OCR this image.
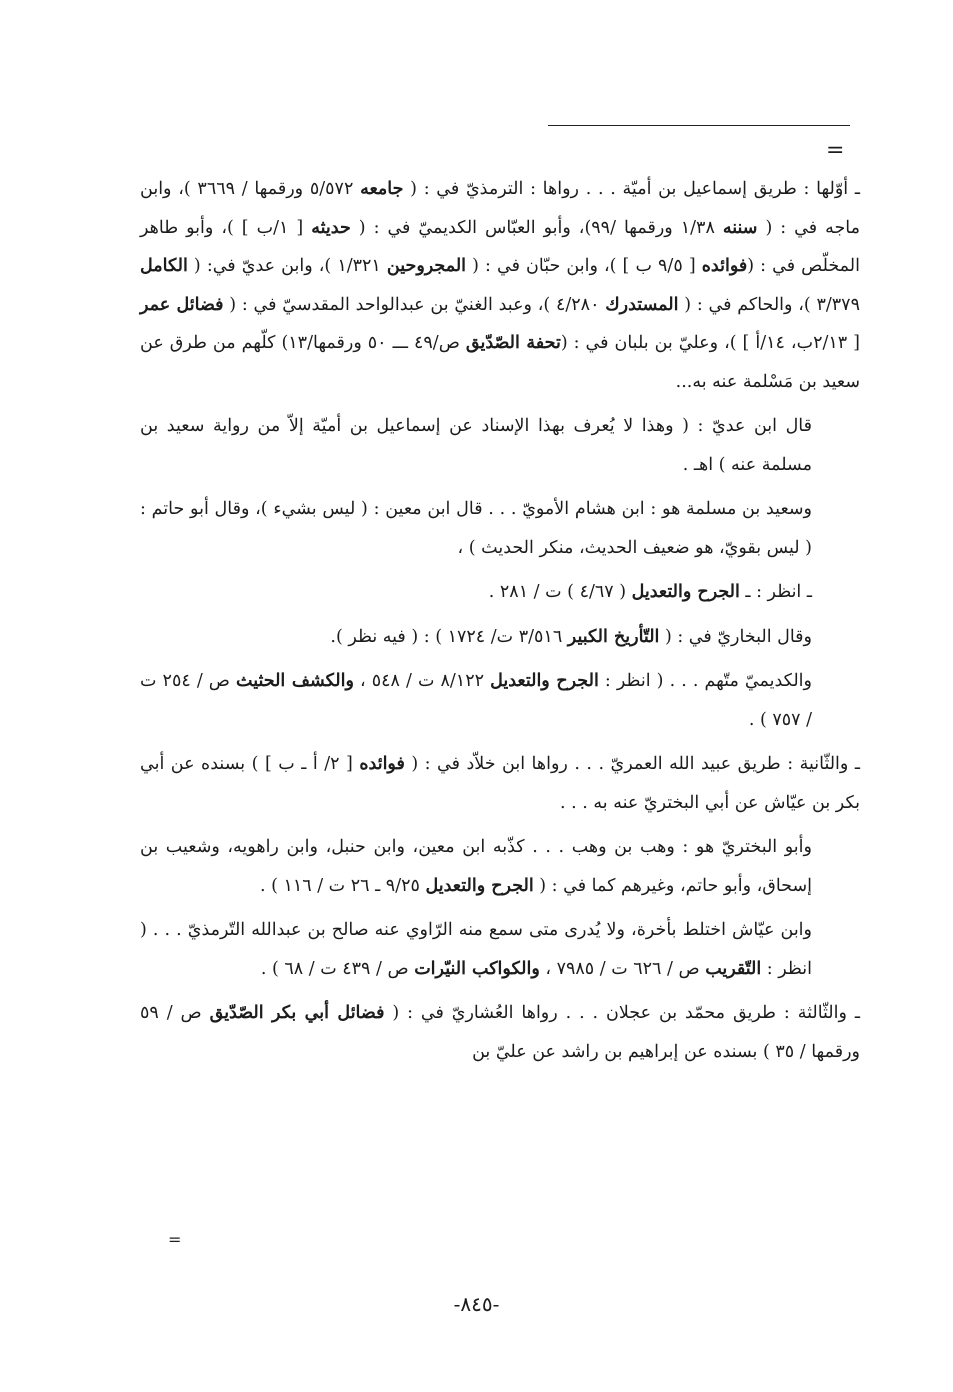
=

ـ أوّلها : طريق إسماعيل بن أميّة . . . رواها : الترمذيّ في : ( جامعه ٥/٥٧٢ ورقمها / ٣٦٦٩ )، وابن ماجه في : ( سننه ١/٣٨ ورقمها /٩٩)، وأبو العبّاس الكديميّ في : ( حديثه [ ١/ب ] )، وأبو طاهر المخلّص في : (فوائده [ ٩/٥ ب ] )، وابن حبّان في : ( المجروحين ١/٣٢١ )، وابن عديّ في: ( الكامل ٣/٣٧٩ )، والحاكم في : ( المستدرك ٤/٢٨٠ )، وعبد الغنيّ بن عبدالواحد المقدسيّ في : ( فضائل عمر [ ٢/١٣ب، ١٤/أ ] )، وعليّ بن بلبان في : (تحفة الصّدّيق ص/٤٩ ـــ ٥٠ ورقمها/١٣) كلّهم من طرق عن سعيد بن مَسْلمة عنه به...

قال ابن عديّ : ( وهذا لا يُعرف بهذا الإسناد عن إسماعيل بن أميّة إلاّ من رواية سعيد بن مسلمة عنه ) اهـ .

وسعيد بن مسلمة هو : ابن هشام الأمويّ . . . قال ابن معين : ( ليس بشيء )، وقال أبو حاتم : ( ليس بقويّ، هو ضعيف الحديث، منكر الحديث ) ،

ـ انظر : ـ الجرح والتعديل ( ٤/٦٧ ) ت / ٢٨١ .

وقال البخاريّ في : ( التّأريخ الكبير ٣/٥١٦ ت/ ١٧٢٤ ) : ( فيه نظر ).

والكديميّ متّهم . . . ( انظر : الجرح والتعديل ٨/١٢٢ ت / ٥٤٨ ، والكشف الحثيث ص / ٢٥٤ ت / ٧٥٧ ) .

ـ والثّانية : طريق عبيد الله العمريّ . . . رواها ابن خلاّد في : ( فوائده [ ٢/ أ ـ ب ] ) بسنده عن أبي بكر بن عيّاش عن أبي البختريّ عنه به . . .

وأبو البختريّ هو : وهب بن وهب . . . كذّبه ابن معين، وابن حنبل، وابن راهويه، وشعيب بن إسحاق، وأبو حاتم، وغيرهم كما في : ( الجرح والتعديل ٩/٢٥ ـ ٢٦ ت / ١١٦ ) .

وابن عيّاش اختلط بأخرة، ولا يُدرى متى سمع منه الرّاوي عنه صالح بن عبدالله التّرمذيّ . . . ( انظر : التّقريب ص / ٦٢٦ ت / ٧٩٨٥ ، والكواكب النيّرات ص / ٤٣٩ ت / ٦٨ ) .

ـ والثّالثة : طريق محمّد بن عجلان . . . رواها العُشاريّ في : ( فضائل أبي بكر الصّدّيق ص / ٥٩ ورقمها / ٣٥ ) بسنده عن إبراهيم بن راشد عن عليّ بن

=
-٨٤٥-
